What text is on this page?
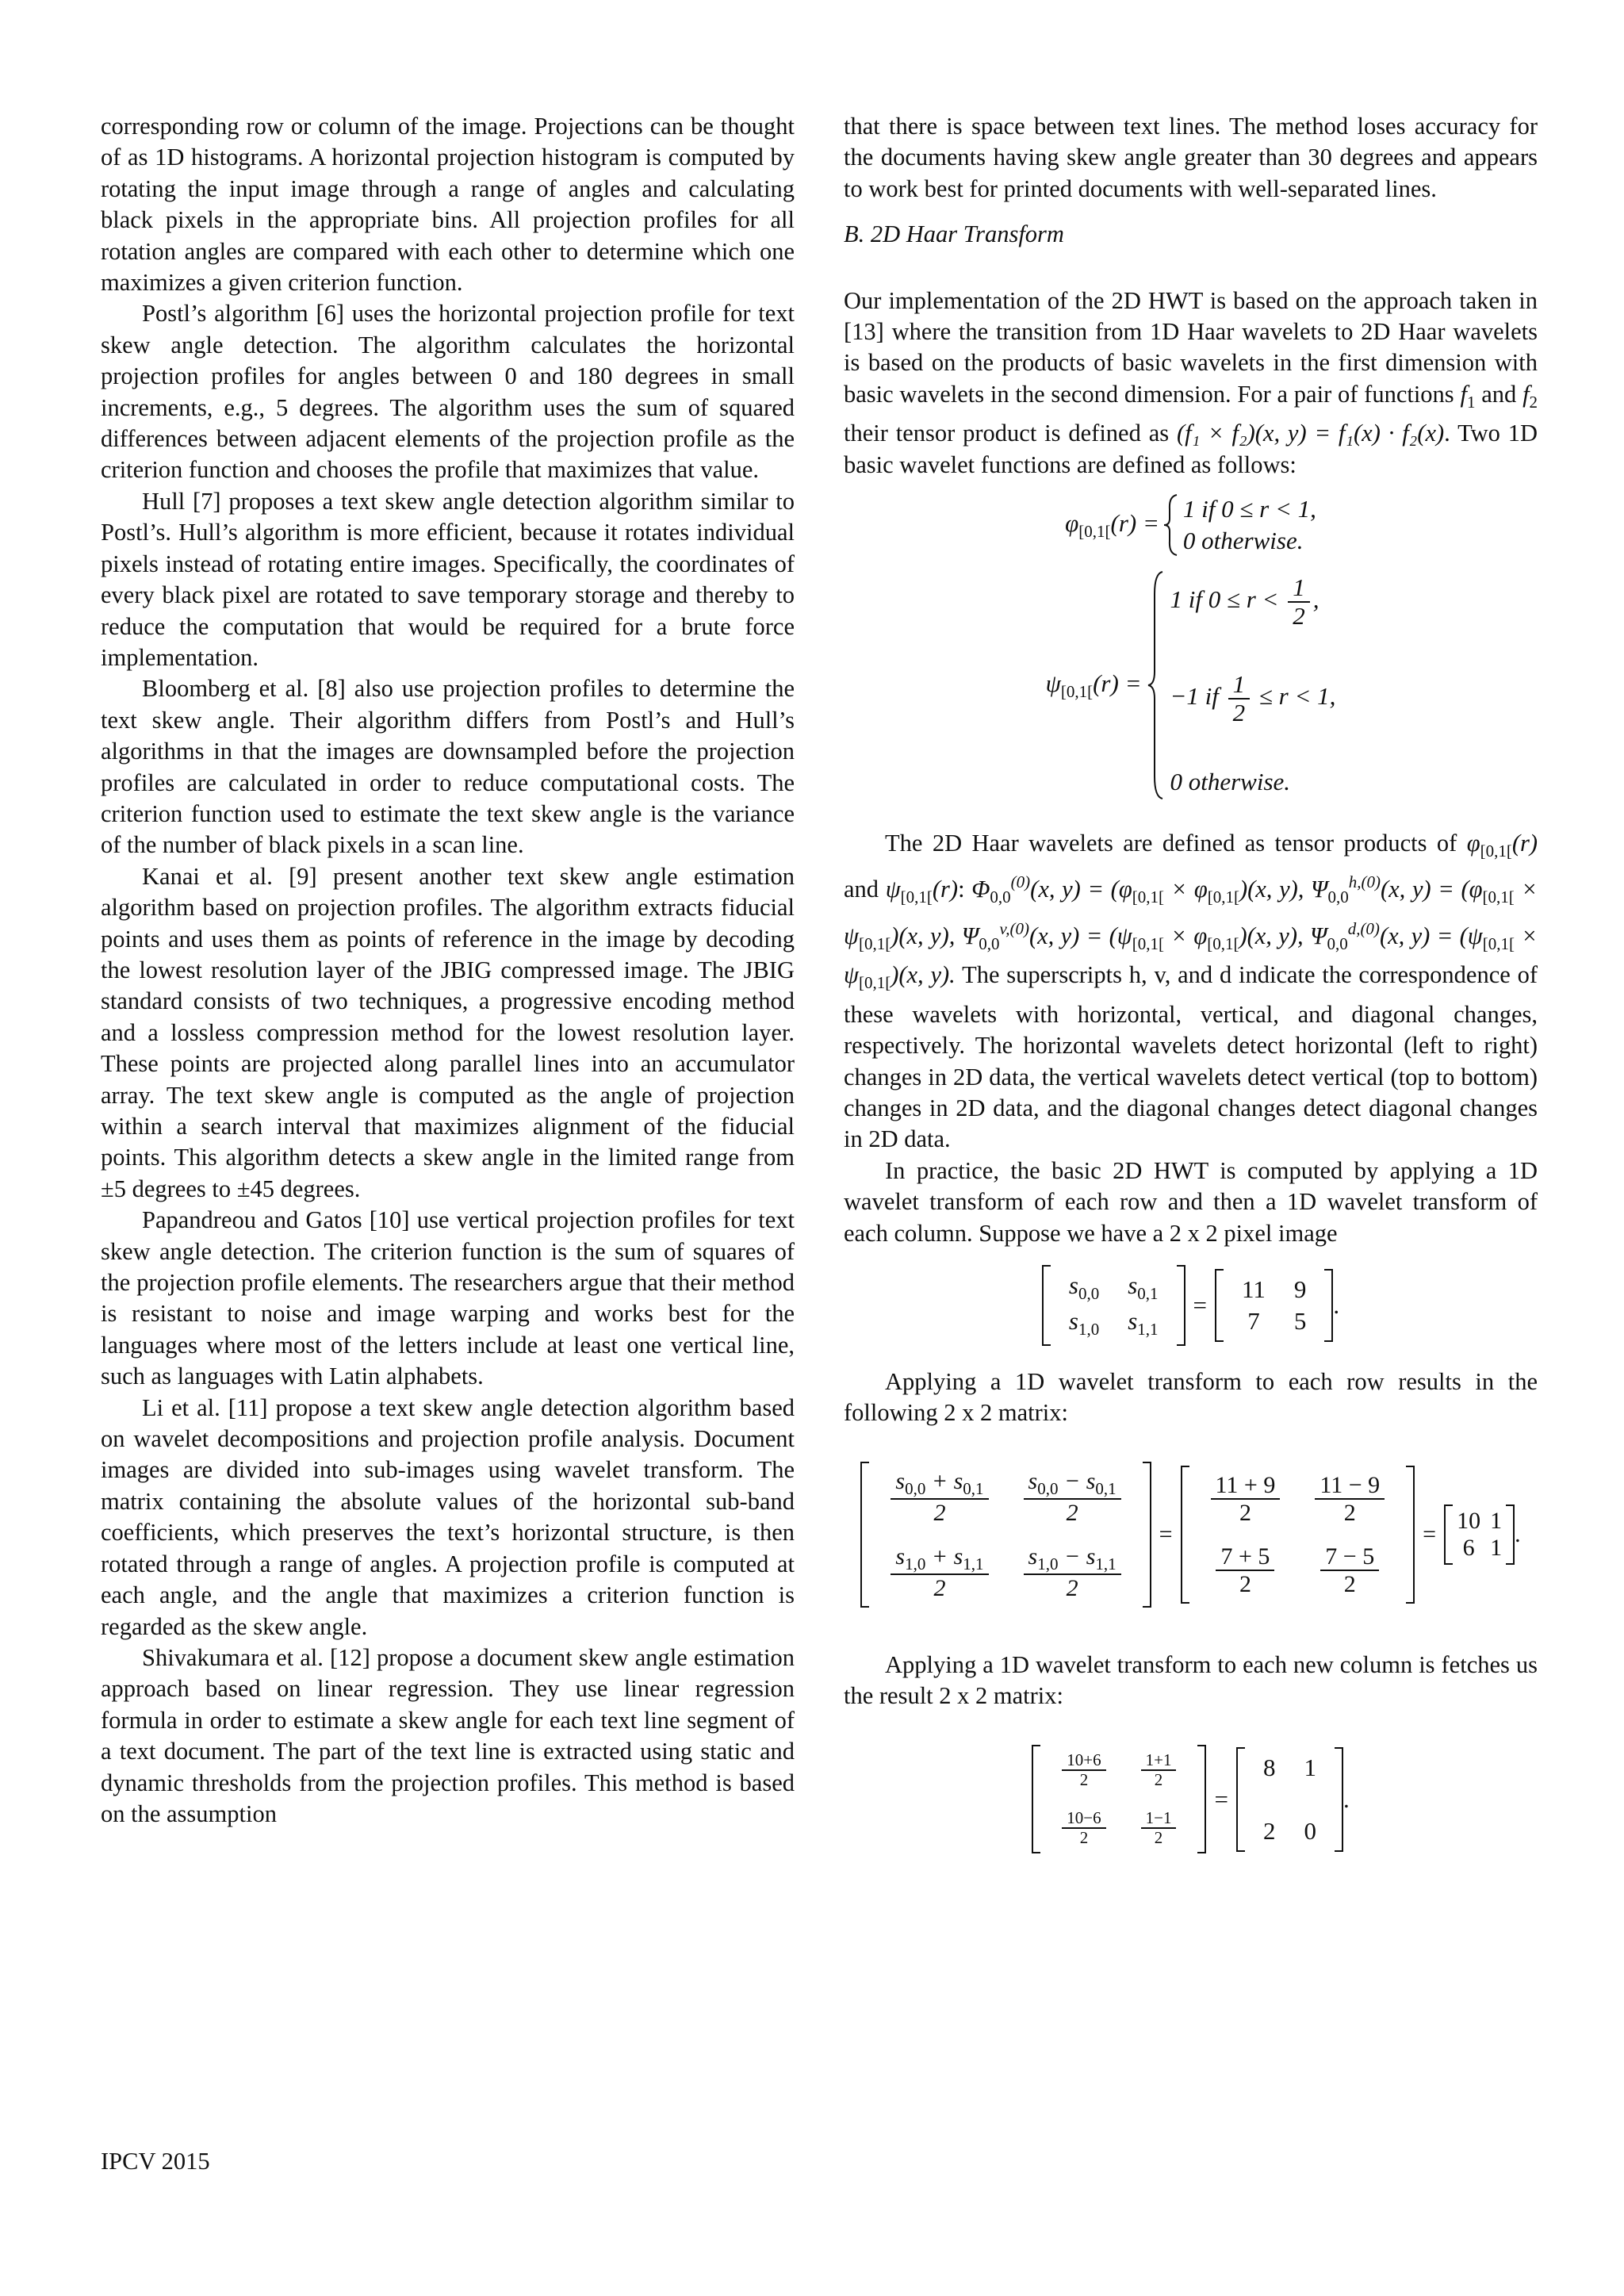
corresponding row or column of the image. Projections can be thought of as 1D histograms. A horizontal projection histogram is computed by rotating the input image through a range of angles and calculating black pixels in the appropriate bins. All projection profiles for all rotation angles are compared with each other to determine which one maximizes a given criterion function.

Postl’s algorithm [6] uses the horizontal projection profile for text skew angle detection. The algorithm calculates the horizontal projection profiles for angles between 0 and 180 degrees in small increments, e.g., 5 degrees. The algorithm uses the sum of squared differences between adjacent elements of the projection profile as the criterion function and chooses the profile that maximizes that value.

Hull [7] proposes a text skew angle detection algorithm similar to Postl’s. Hull’s algorithm is more efficient, because it rotates individual pixels instead of rotating entire images. Specifically, the coordinates of every black pixel are rotated to save temporary storage and thereby to reduce the computation that would be required for a brute force implementation.

Bloomberg et al. [8] also use projection profiles to determine the text skew angle. Their algorithm differs from Postl’s and Hull’s algorithms in that the images are downsampled before the projection profiles are calculated in order to reduce computational costs. The criterion function used to estimate the text skew angle is the variance of the number of black pixels in a scan line.

Kanai et al. [9] present another text skew angle estimation algorithm based on projection profiles. The algorithm extracts fiducial points and uses them as points of reference in the image by decoding the lowest resolution layer of the JBIG compressed image. The JBIG standard consists of two techniques, a progressive encoding method and a lossless compression method for the lowest resolution layer. These points are projected along parallel lines into an accumulator array. The text skew angle is computed as the angle of projection within a search interval that maximizes alignment of the fiducial points. This algorithm detects a skew angle in the limited range from ±5 degrees to ±45 degrees.

Papandreou and Gatos [10] use vertical projection profiles for text skew angle detection. The criterion function is the sum of squares of the projection profile elements. The researchers argue that their method is resistant to noise and image warping and works best for the languages where most of the letters include at least one vertical line, such as languages with Latin alphabets.

Li et al. [11] propose a text skew angle detection algorithm based on wavelet decompositions and projection profile analysis. Document images are divided into sub-images using wavelet transform. The matrix containing the absolute values of the horizontal sub-band coefficients, which preserves the text’s horizontal structure, is then rotated through a range of angles. A projection profile is computed at each angle, and the angle that maximizes a criterion function is regarded as the skew angle.

Shivakumara et al. [12] propose a document skew angle estimation approach based on linear regression. They use linear regression formula in order to estimate a skew angle for each text line segment of a text document. The part of the text line is extracted using static and dynamic thresholds from the projection profiles. This method is based on the assumption

that there is space between text lines. The method loses accuracy for the documents having skew angle greater than 30 degrees and appears to work best for printed documents with well-separated lines.

B. 2D Haar Transform

Our implementation of the 2D HWT is based on the approach taken in [13] where the transition from 1D Haar wavelets to 2D Haar wavelets is based on the products of basic wavelets in the first dimension with basic wavelets in the second dimension. For a pair of functions $f_1$ and $f_2$ their tensor product is defined as (f₁ × f₂)(x, y) = f₁(x) · f₂(x). Two 1D basic wavelet functions are defined as follows:

$\varphi_{[0,1[}(r) = 1$ if 0 ≤ r < 1,
0 otherwise.
$\psi_{[0,1[}(r)$ =
1 if $0 \le r < \frac{1}{2}$ ,
−1 if $\frac{1}{2} \le r < 1$,
0 otherwise.

The 2D Haar wavelets are defined as tensor products of $\varphi_{[0,1[}(r)$ and $\psi_{[0,1[}(r)$: $\Phi_{0,0}^{(0)}(x$, $y) = (\varphi_{[0,1[} \times \varphi_{[0,1[})(x$, y), $\Psi_{0,0}^{h,(0)}(x$, $y) = (\varphi_{[0,1[} \times \psi_{[0,1[})(x$, y), $\Psi_{0,0}^{v,(0)}(x$, $y) = (\psi_{[0,1[} \times \varphi_{[0,1[})(x$, y), $\Psi_{0,0}^{d,(0)}(x$, $y) = (\psi_{[0,1[} \times \psi_{[0,1[})(x$, y). The superscripts h, v, and d indicate the correspondence of these wavelets with horizontal, vertical, and diagonal changes, respectively. The horizontal wavelets detect horizontal (left to right) changes in 2D data, the vertical wavelets detect vertical (top to bottom) changes in 2D data, and the diagonal changes detect diagonal changes in 2D data.

In practice, the basic 2D HWT is computed by applying a 1D wavelet transform of each row and then a 1D wavelet transform of each column. Suppose we have a 2 x 2 pixel image

$s_{0,0}$	$s_{0,1}$
$s_{1,0}$	$s_{1,1}$
=
11	9
7	5
.

Applying a 1D wavelet transform to each row results in the following 2 x 2 matrix:

$\frac{s_{0,0} + s_{0,1}}{2} \frac{s_{0,0} - s_{0,1}}{2}$
$\frac{s_{1,0} + s_{1,1}}{2} \frac{s_{1,0} - s_{1,1}}{2}$
=
$\frac{11 + 9}{2} \frac{11 - 9}{2}$
$\frac{7 + 5}{2} \frac{7 - 5}{2}$
=
10 1
6 1
.

Applying a 1D wavelet transform to each new column is fetches us the result 2 x 2 matrix:

$\frac{10+6}{2} \frac{1+1}{2}$
$\frac{10-6}{2} \frac{1-1}{2}$
=
8	1
2	0
.
IPCV 2015
